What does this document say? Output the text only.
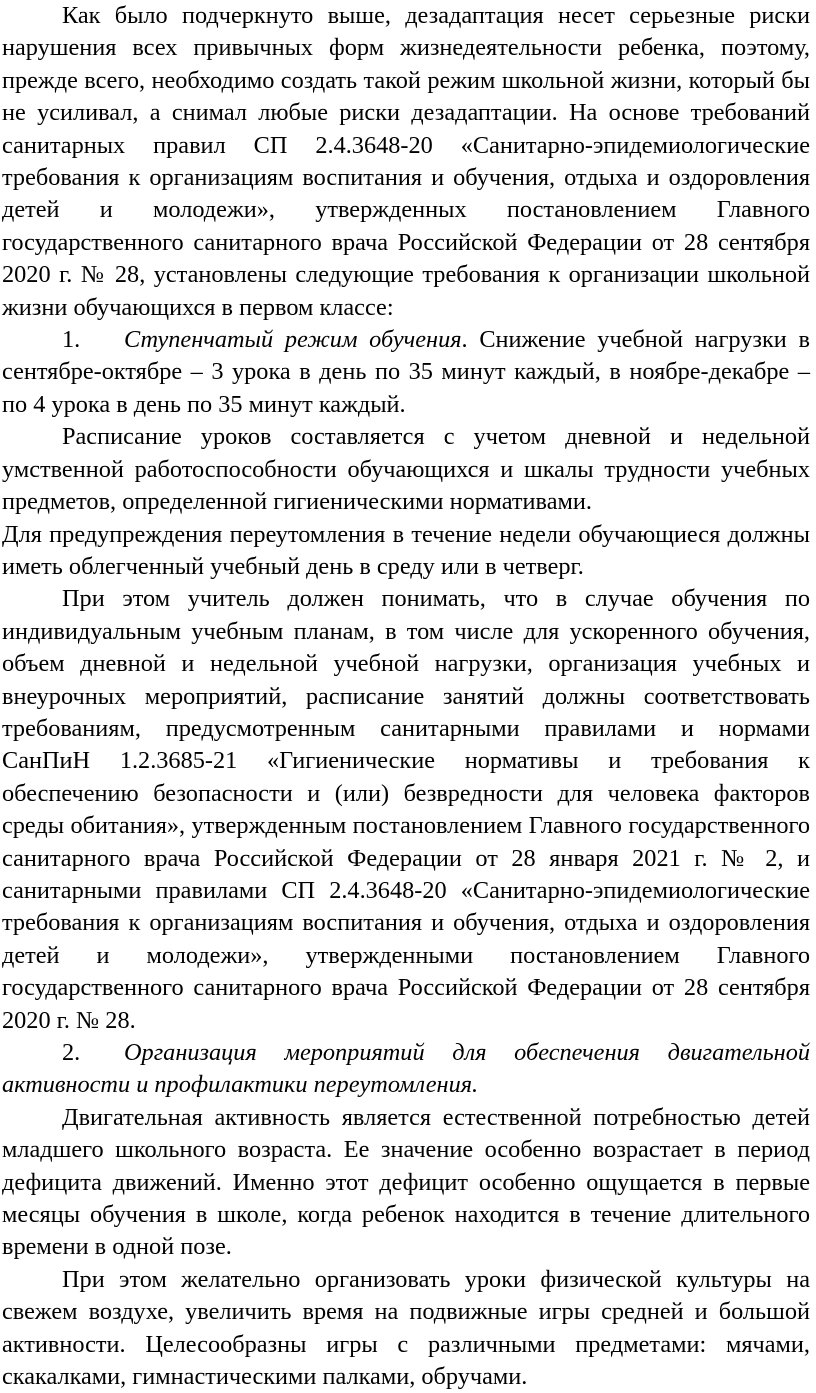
Как было подчеркнуто выше, дезадаптация несет серьезные риски нарушения всех привычных форм жизнедеятельности ребенка, поэтому, прежде всего, необходимо создать такой режим школьной жизни, который бы не усиливал, а снимал любые риски дезадаптации. На основе требований санитарных правил СП 2.4.3648-20 «Санитарно-эпидемиологические требования к организациям воспитания и обучения, отдыха и оздоровления детей и молодежи», утвержденных постановлением Главного государственного санитарного врача Российской Федерации от 28 сентября 2020 г. № 28, установлены следующие требования к организации школьной жизни обучающихся в первом классе:

1. Ступенчатый режим обучения. Снижение учебной нагрузки в сентябре-октябре – 3 урока в день по 35 минут каждый, в ноябре-декабре – по 4 урока в день по 35 минут каждый.

Расписание уроков составляется с учетом дневной и недельной умственной работоспособности обучающихся и шкалы трудности учебных предметов, определенной гигиеническими нормативами.

Для предупреждения переутомления в течение недели обучающиеся должны иметь облегченный учебный день в среду или в четверг.

При этом учитель должен понимать, что в случае обучения по индивидуальным учебным планам, в том числе для ускоренного обучения, объем дневной и недельной учебной нагрузки, организация учебных и внеурочных мероприятий, расписание занятий должны соответствовать требованиям, предусмотренным санитарными правилами и нормами СанПиН 1.2.3685-21 «Гигиенические нормативы и требования к обеспечению безопасности и (или) безвредности для человека факторов среды обитания», утвержденным постановлением Главного государственного санитарного врача Российской Федерации от 28 января 2021 г. № 2, и санитарными правилами СП 2.4.3648-20 «Санитарно-эпидемиологические требования к организациям воспитания и обучения, отдыха и оздоровления детей и молодежи», утвержденными постановлением Главного государственного санитарного врача Российской Федерации от 28 сентября 2020 г. № 28.

2. Организация мероприятий для обеспечения двигательной активности и профилактики переутомления.

Двигательная активность является естественной потребностью детей младшего школьного возраста. Ее значение особенно возрастает в период дефицита движений. Именно этот дефицит особенно ощущается в первые месяцы обучения в школе, когда ребенок находится в течение длительного времени в одной позе.

При этом желательно организовать уроки физической культуры на свежем воздухе, увеличить время на подвижные игры средней и большой активности. Целесообразны игры с различными предметами: мячами, скакалками, гимнастическими палками, обручами.
